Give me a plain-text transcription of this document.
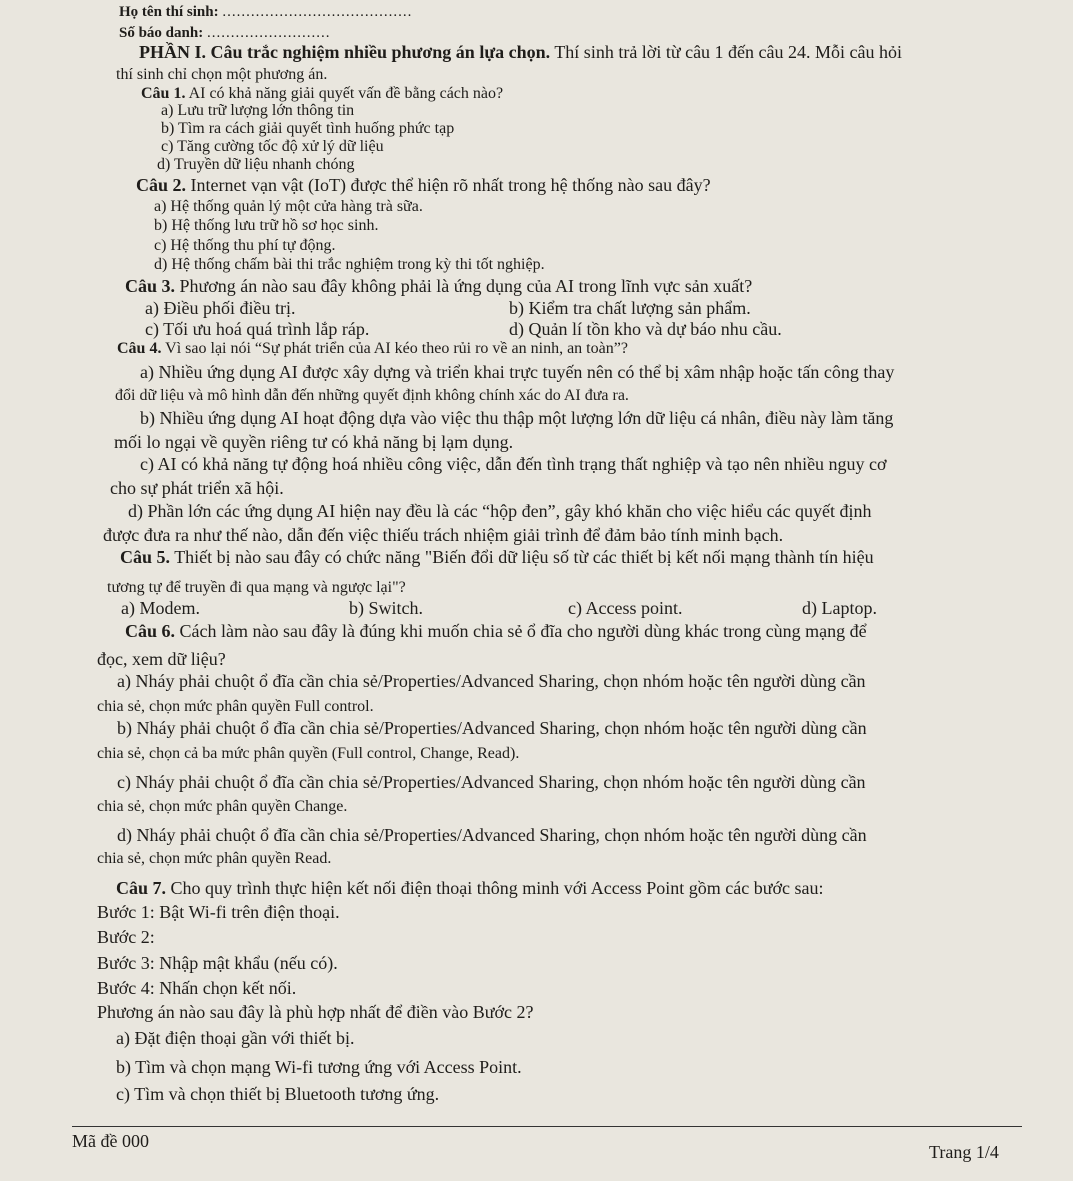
Họ tên thí sinh: ........................................
Số báo danh: ..........................
PHẦN I. Câu trắc nghiệm nhiều phương án lựa chọn. Thí sinh trả lời từ câu 1 đến câu 24. Mỗi câu hỏi
thí sinh chỉ chọn một phương án.
Câu 1. AI có khả năng giải quyết vấn đề bằng cách nào?
a) Lưu trữ lượng lớn thông tin
b) Tìm ra cách giải quyết tình huống phức tạp
c) Tăng cường tốc độ xử lý dữ liệu
d) Truyền dữ liệu nhanh chóng
Câu 2. Internet vạn vật (IoT) được thể hiện rõ nhất trong hệ thống nào sau đây?
a) Hệ thống quản lý một cửa hàng trà sữa.
b) Hệ thống lưu trữ hồ sơ học sinh.
c) Hệ thống thu phí tự động.
d) Hệ thống chấm bài thi trắc nghiệm trong kỳ thi tốt nghiệp.
Câu 3. Phương án nào sau đây không phải là ứng dụng của AI trong lĩnh vực sản xuất?
a) Điều phối điều trị.	b) Kiểm tra chất lượng sản phẩm.
c) Tối ưu hoá quá trình lắp ráp.	d) Quản lí tồn kho và dự báo nhu cầu.
Câu 4. Vì sao lại nói “Sự phát triển của AI kéo theo rủi ro về an ninh, an toàn”?
a) Nhiều ứng dụng AI được xây dựng và triển khai trực tuyến nên có thể bị xâm nhập hoặc tấn công thay
đổi dữ liệu và mô hình dẫn đến những quyết định không chính xác do AI đưa ra.
b) Nhiều ứng dụng AI hoạt động dựa vào việc thu thập một lượng lớn dữ liệu cá nhân, điều này làm tăng
mối lo ngại về quyền riêng tư có khả năng bị lạm dụng.
c) AI có khả năng tự động hoá nhiều công việc, dẫn đến tình trạng thất nghiệp và tạo nên nhiều nguy cơ
cho sự phát triển xã hội.
d) Phần lớn các ứng dụng AI hiện nay đều là các “hộp đen”, gây khó khăn cho việc hiểu các quyết định
được đưa ra như thế nào, dẫn đến việc thiếu trách nhiệm giải trình để đảm bảo tính minh bạch.
Câu 5. Thiết bị nào sau đây có chức năng "Biến đổi dữ liệu số từ các thiết bị kết nối mạng thành tín hiệu
tương tự để truyền đi qua mạng và ngược lại"?
a) Modem.	b) Switch.	c) Access point.	d) Laptop.
Câu 6. Cách làm nào sau đây là đúng khi muốn chia sẻ ổ đĩa cho người dùng khác trong cùng mạng để
đọc, xem dữ liệu?
a) Nháy phải chuột ổ đĩa cần chia sẻ/Properties/Advanced Sharing, chọn nhóm hoặc tên người dùng cần
chia sẻ, chọn mức phân quyền Full control.
b) Nháy phải chuột ổ đĩa cần chia sẻ/Properties/Advanced Sharing, chọn nhóm hoặc tên người dùng cần
chia sẻ, chọn cả ba mức phân quyền (Full control, Change, Read).
c) Nháy phải chuột ổ đĩa cần chia sẻ/Properties/Advanced Sharing, chọn nhóm hoặc tên người dùng cần
chia sẻ, chọn mức phân quyền Change.
d) Nháy phải chuột ổ đĩa cần chia sẻ/Properties/Advanced Sharing, chọn nhóm hoặc tên người dùng cần
chia sẻ, chọn mức phân quyền Read.
Câu 7. Cho quy trình thực hiện kết nối điện thoại thông minh với Access Point gồm các bước sau:
Bước 1: Bật Wi-fi trên điện thoại.
Bước 2:
Bước 3: Nhập mật khẩu (nếu có).
Bước 4: Nhấn chọn kết nối.
Phương án nào sau đây là phù hợp nhất để điền vào Bước 2?
a) Đặt điện thoại gần với thiết bị.
b) Tìm và chọn mạng Wi-fi tương ứng với Access Point.
c) Tìm và chọn thiết bị Bluetooth tương ứng.
Mã đề 000
Trang 1/4
